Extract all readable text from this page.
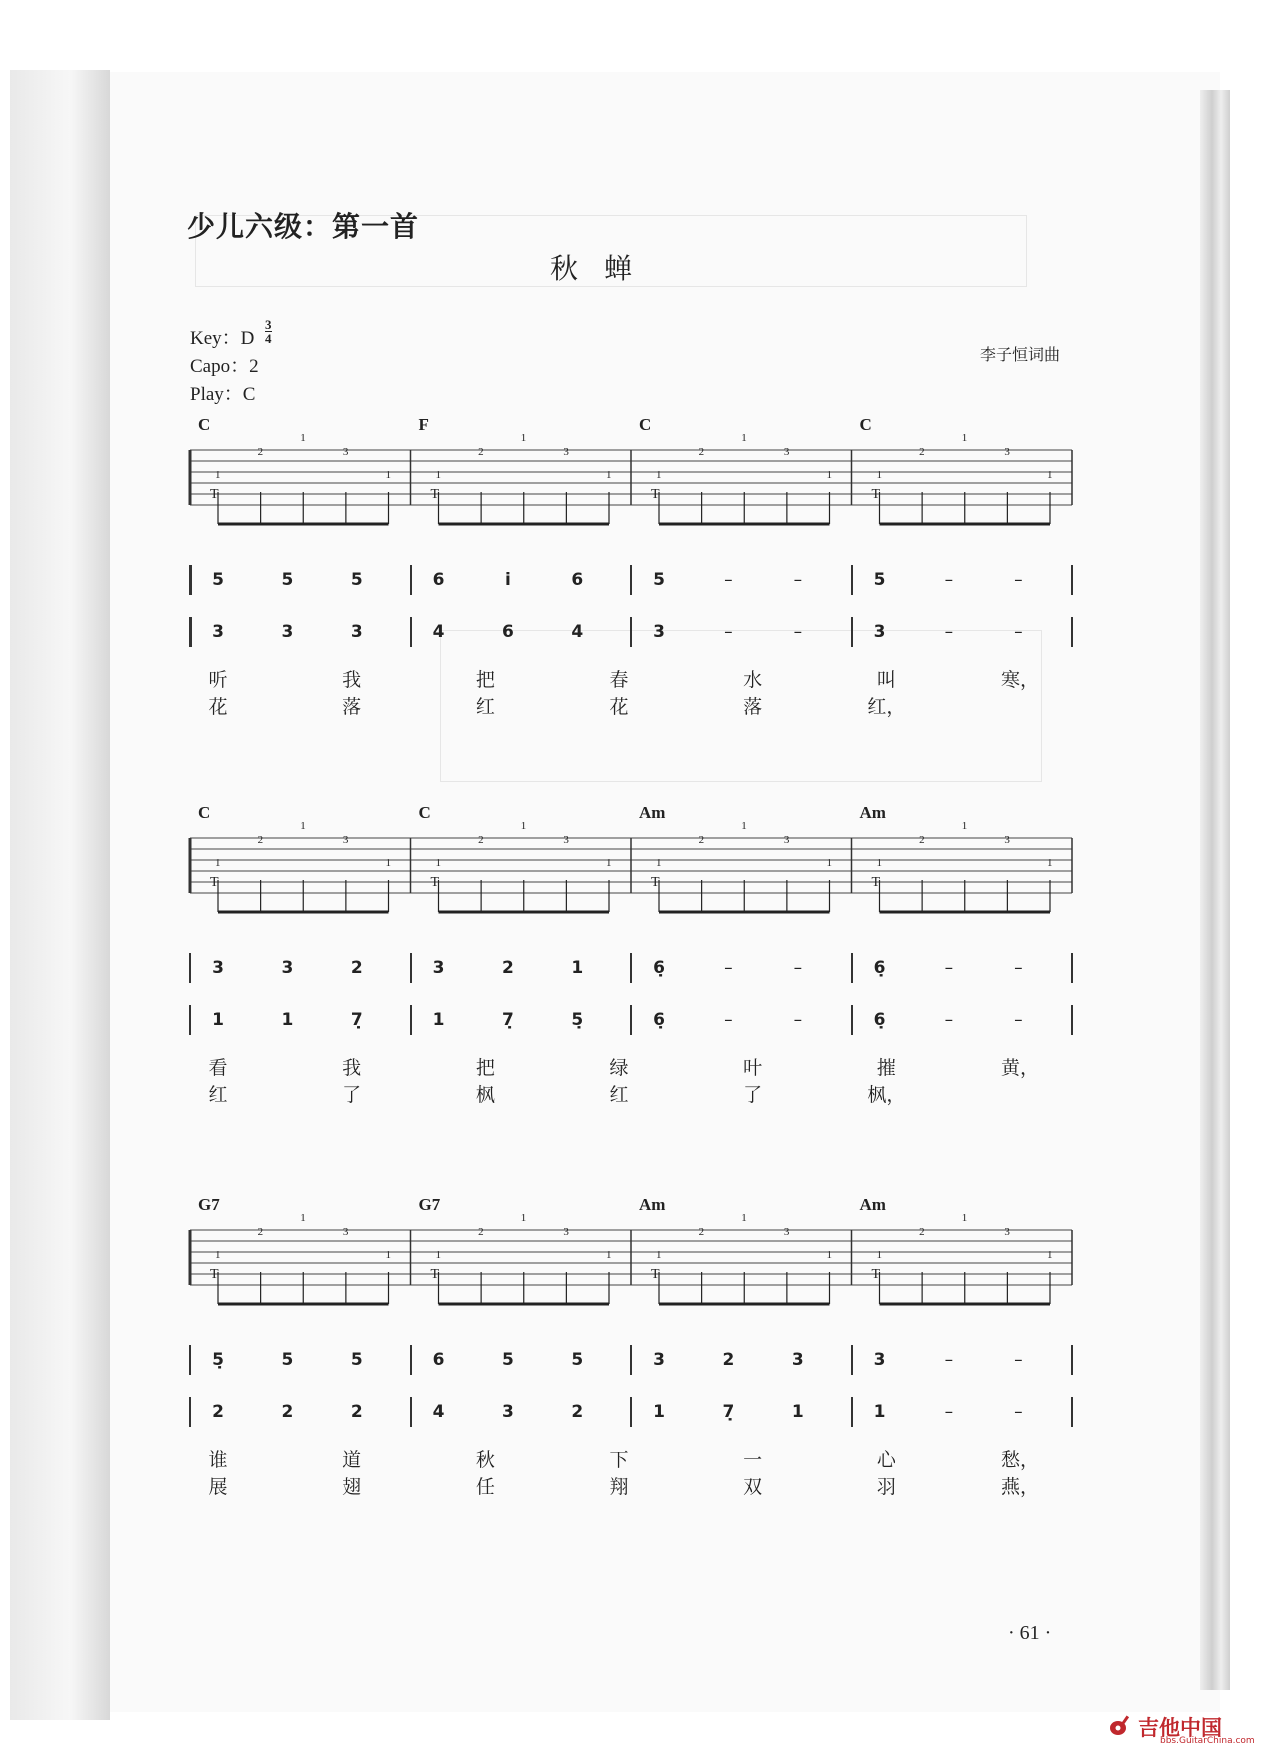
少儿六级：第一首
秋蝉
Key：D $\frac{3}{4}$
Capo：2
Play：C
李子恒词曲
1
2
1
3
1
T
1
2
1
3
1
T
1
2
1
3
1
T
1
2
1
3
1
T
C	F	C	C
5	5	5	6	i	6	5	–	–	5	–	–
3	3	3	4	6	4	3	–	–	3	–	–
听	我	把	春	水	叫	寒，
花	落	红	花	落	红，
1
2
1
3
1
T
1
2
1
3
1
T
1
2
1
3
1
T
1
2
1
3
1
T
C	C	Am	Am
3	3	2	3	2	1	6̣	–	–	6̣	–	–
1	1	7̣	1	7̣	5̣	6̣	–	–	6̣	–	–
看	我	把	绿	叶	摧	黄，
红	了	枫	红	了	枫，
1
2
1
3
1
T
1
2
1
3
1
T
1
2
1
3
1
T
1
2
1
3
1
T
G7	G7	Am	Am
5̣	5	5	6	5	5	3	2	3	3	–	–
2	2	2	4	3	2	1	7̣	1	1	–	–
谁	道	秋	下	一	心	愁，
展	翅	任	翔	双	羽	燕，
· 61 ·
吉他中国
bbs.GuitarChina.com
